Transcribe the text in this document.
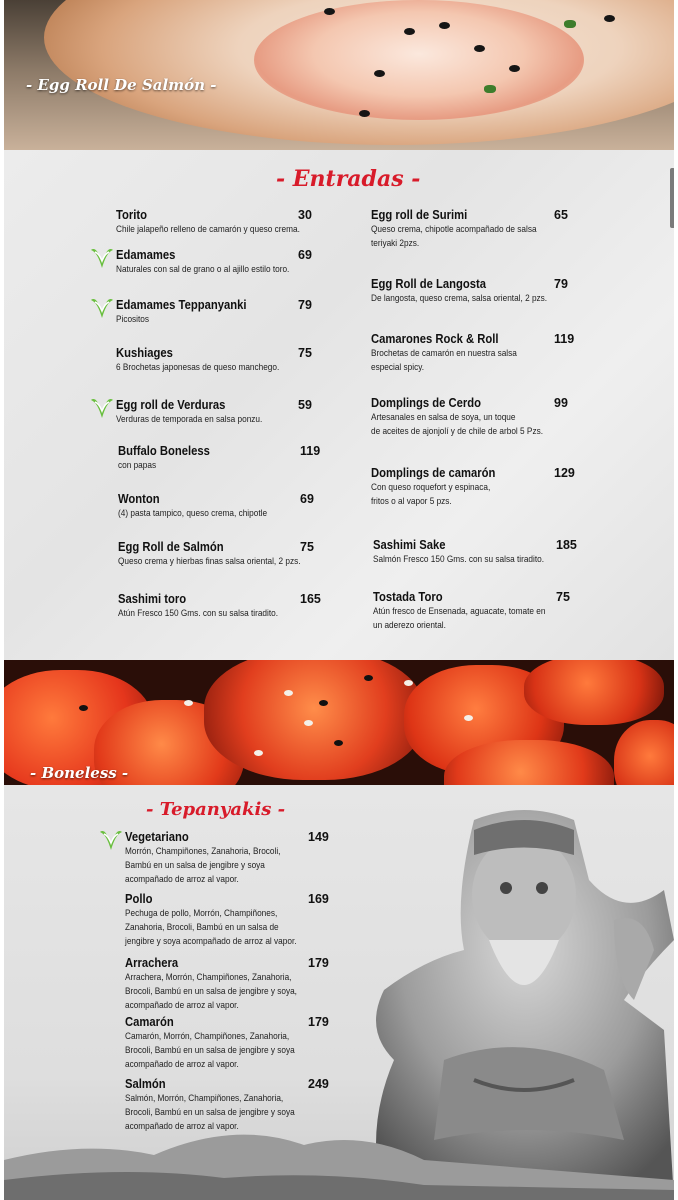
- Egg Roll De Salmón -
- Entradas -
Torito
Chile jalapeño relleno de camarón y queso crema.
30
Edamames
Naturales con sal de grano o al ajillo estilo toro.
69
Edamames Teppanyanki
Picositos
79
Kushiages
6 Brochetas japonesas de queso manchego.
75
Egg roll de Verduras
Verduras de temporada en salsa ponzu.
59
Buffalo Boneless
con papas
119
Wonton
(4) pasta tampico, queso crema, chipotle
69
Egg Roll de Salmón
Queso crema y hierbas finas salsa oriental, 2 pzs.
75
Sashimi toro
Atún Fresco 150 Gms. con su salsa tiradito.
165
Egg roll de Surimi
Queso crema, chipotle acompañado de salsa
teriyaki 2pzs.
65
Egg Roll de Langosta
De langosta, queso crema, salsa oriental, 2 pzs.
79
Camarones Rock & Roll
Brochetas de camarón en nuestra salsa
especial spicy.
119
Domplings de Cerdo
Artesanales en salsa de soya, un toque
de aceites de ajonjolí y de chile de arbol 5 Pzs.
99
Domplings de camarón
Con queso roquefort y espinaca,
fritos o al vapor 5 pzs.
129
Sashimi Sake
Salmón Fresco 150 Gms. con su salsa tiradito.
185
Tostada Toro
Atún fresco de Ensenada, aguacate, tomate en
un aderezo oriental.
75
- Boneless -
- Tepanyakis -
Vegetariano
Morrón, Champiñones, Zanahoria, Brocoli,
Bambú en un salsa de jengibre y soya
acompañado de arroz al vapor.
149
Pollo
Pechuga de pollo, Morrón, Champiñones,
Zanahoria, Brocoli, Bambú en un salsa de
jengibre y soya acompañado de arroz al vapor.
169
Arrachera
Arrachera, Morrón, Champiñones, Zanahoria,
Brocoli, Bambú en un salsa de jengibre y soya,
acompañado de arroz al vapor.
179
Camarón
Camarón, Morrón, Champiñones, Zanahoria,
Brocoli, Bambú en un salsa de jengibre y soya
acompañado de arroz al vapor.
179
Salmón
Salmón, Morrón, Champiñones, Zanahoria,
Brocoli, Bambú en un salsa de jengibre y soya
acompañado de arroz al vapor.
249
